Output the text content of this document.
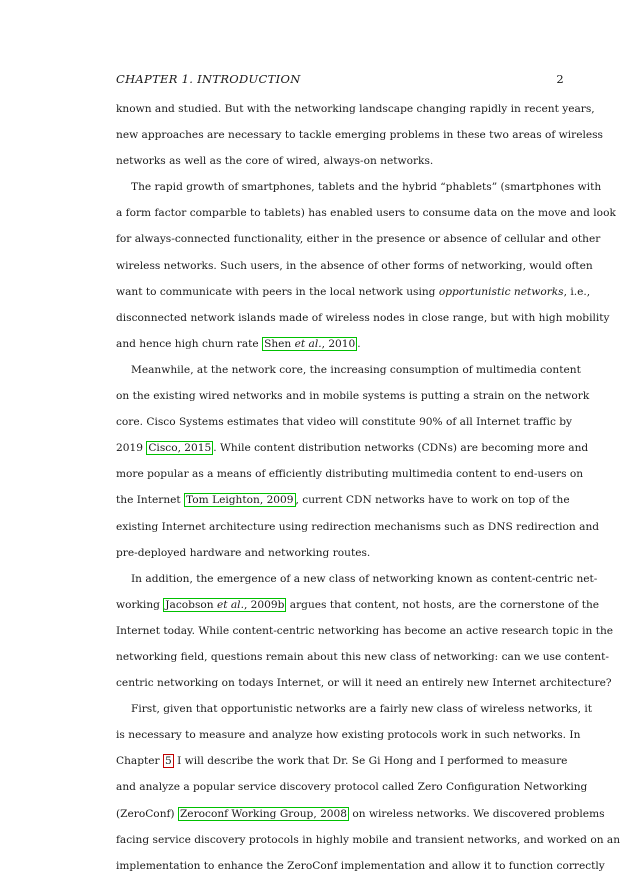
CHAPTER 1. INTRODUCTION	2
known and studied. But with the networking landscape changing rapidly in recent years,
new approaches are necessary to tackle emerging problems in these two areas of wireless
networks as well as the core of wired, always-on networks.
The rapid growth of smartphones, tablets and the hybrid “phablets” (smartphones with
a form factor comparble to tablets) has enabled users to consume data on the move and look
for always-connected functionality, either in the presence or absence of cellular and other
wireless networks. Such users, in the absence of other forms of networking, would often
want to communicate with peers in the local network using opportunistic networks, i.e.,
disconnected network islands made of wireless nodes in close range, but with high mobility
and hence high churn rate Shen et al., 2010 .
Meanwhile, at the network core, the increasing consumption of multimedia content
on the existing wired networks and in mobile systems is putting a strain on the network
core. Cisco Systems estimates that video will constitute 90% of all Internet traffic by
2019 Cisco, 2015 . While content distribution networks (CDNs) are becoming more and
more popular as a means of efficiently distributing multimedia content to end-users on
the Internet Tom Leighton, 2009 , current CDN networks have to work on top of the
existing Internet architecture using redirection mechanisms such as DNS redirection and
pre-deployed hardware and networking routes.
In addition, the emergence of a new class of networking known as content-centric net-
working Jacobson et al., 2009b argues that content, not hosts, are the cornerstone of the
Internet today. While content-centric networking has become an active research topic in the
networking field, questions remain about this new class of networking: can we use content-
centric networking on todays Internet, or will it need an entirely new Internet architecture?
First, given that opportunistic networks are a fairly new class of wireless networks, it
is necessary to measure and analyze how existing protocols work in such networks. In
Chapter 5 I will describe the work that Dr. Se Gi Hong and I performed to measure
and analyze a popular service discovery protocol called Zero Configuration Networking
(ZeroConf) Zeroconf Working Group, 2008 on wireless networks. We discovered problems
facing service discovery protocols in highly mobile and transient networks, and worked on an
implementation to enhance the ZeroConf implementation and allow it to function correctly
